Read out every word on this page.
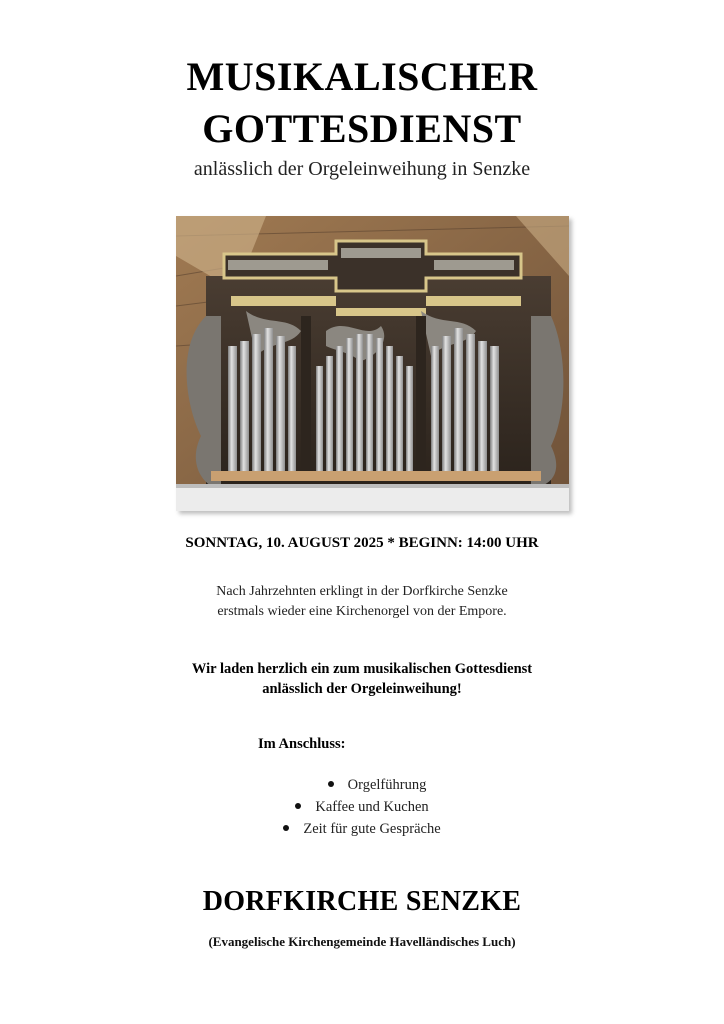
MUSIKALISCHER
GOTTESDIENST
anlässlich der Orgeleinweihung in Senzke
SONNTAG, 10. AUGUST 2025 * BEGINN: 14:00 UHR
Nach Jahrzehnten erklingt in der Dorfkirche Senzke
erstmals wieder eine Kirchenorgel von der Empore.
Wir laden herzlich ein zum musikalischen Gottesdienst
anlässlich der Orgeleinweihung!
Im Anschluss:
Orgelführung
Kaffee und Kuchen
Zeit für gute Gespräche
DORFKIRCHE SENZKE
(Evangelische Kirchengemeinde Havelländisches Luch)
